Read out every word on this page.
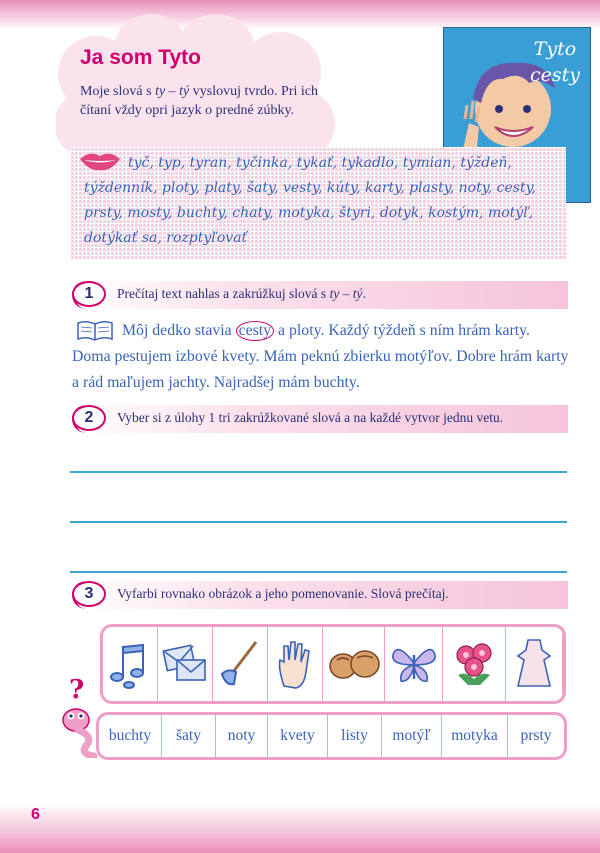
Ja som Tyto
Moje slová s ty – tý vyslovuj tvrdo. Pri ich čítaní vždy opri jazyk o predné zúbky.
Tyto
cesty
tyč, typ, tyran, tyčinka, tykať, tykadlo, tymian, týždeň, týždenník, ploty, platy, šaty, vesty, kúty, karty, plasty, noty, cesty, prsty, mosty, buchty, chaty, motyka, štyri, dotyk, kostým, motýľ, dotýkať sa, rozptyľovať
1	Prečítaj text nahlas a zakrúžkuj slová s ty – tý.
Môj dedko stavia cesty a ploty. Každý týždeň s ním hrám karty. Doma pestujem izbové kvety. Mám peknú zbierku motýľov. Dobre hrám karty a rád maľujem jachty. Najradšej mám buchty.
2	Vyber si z úlohy 1 tri zakrúžkované slová a na každé vytvor jednu vetu.
3	Vyfarbi rovnako obrázok a jeho pomenovanie. Slová prečítaj.
buchty	šaty	noty	kvety	listy	motýľ	motyka	prsty
?
6
